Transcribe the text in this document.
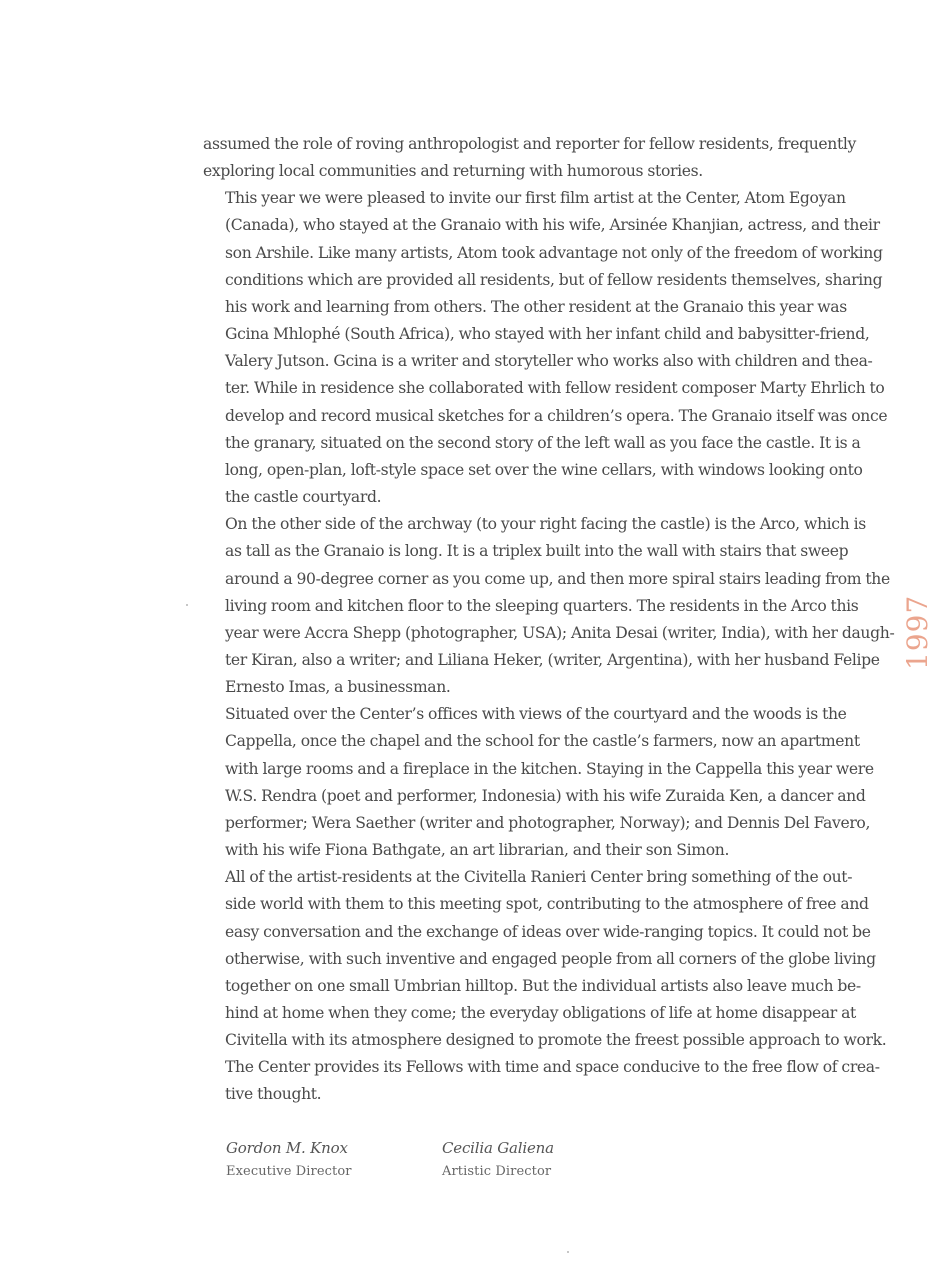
assumed the role of roving anthropologist and reporter for fellow residents, frequently
exploring local communities and returning with humorous stories.

This year we were pleased to invite our first film artist at the Center, Atom Egoyan
(Canada), who stayed at the Granaio with his wife, Arsinée Khanjian, actress, and their
son Arshile. Like many artists, Atom took advantage not only of the freedom of working
conditions which are provided all residents, but of fellow residents themselves, sharing
his work and learning from others. The other resident at the Granaio this year was
Gcina Mhlophé (South Africa), who stayed with her infant child and babysitter-friend,
Valery Jutson. Gcina is a writer and storyteller who works also with children and thea-
ter. While in residence she collaborated with fellow resident composer Marty Ehrlich to
develop and record musical sketches for a children’s opera. The Granaio itself was once
the granary, situated on the second story of the left wall as you face the castle. It is a
long, open-plan, loft-style space set over the wine cellars, with windows looking onto
the castle courtyard.

On the other side of the archway (to your right facing the castle) is the Arco, which is
as tall as the Granaio is long. It is a triplex built into the wall with stairs that sweep
around a 90-degree corner as you come up, and then more spiral stairs leading from the
living room and kitchen floor to the sleeping quarters. The residents in the Arco this
year were Accra Shepp (photographer, USA); Anita Desai (writer, India), with her daugh-
ter Kiran, also a writer; and Liliana Heker, (writer, Argentina), with her husband Felipe
Ernesto Imas, a businessman.

Situated over the Center’s offices with views of the courtyard and the woods is the
Cappella, once the chapel and the school for the castle’s farmers, now an apartment
with large rooms and a fireplace in the kitchen. Staying in the Cappella this year were
W.S. Rendra (poet and performer, Indonesia) with his wife Zuraida Ken, a dancer and
performer; Wera Saether (writer and photographer, Norway); and Dennis Del Favero,
with his wife Fiona Bathgate, an art librarian, and their son Simon.

All of the artist-residents at the Civitella Ranieri Center bring something of the out-
side world with them to this meeting spot, contributing to the atmosphere of free and
easy conversation and the exchange of ideas over wide-ranging topics. It could not be
otherwise, with such inventive and engaged people from all corners of the globe living
together on one small Umbrian hilltop. But the individual artists also leave much be-
hind at home when they come; the everyday obligations of life at home disappear at
Civitella with its atmosphere designed to promote the freest possible approach to work.
The Center provides its Fellows with time and space conducive to the free flow of crea-
tive thought.

Gordon M. Knox
Executive Director
Cecilia Galiena
Artistic Director
1997
